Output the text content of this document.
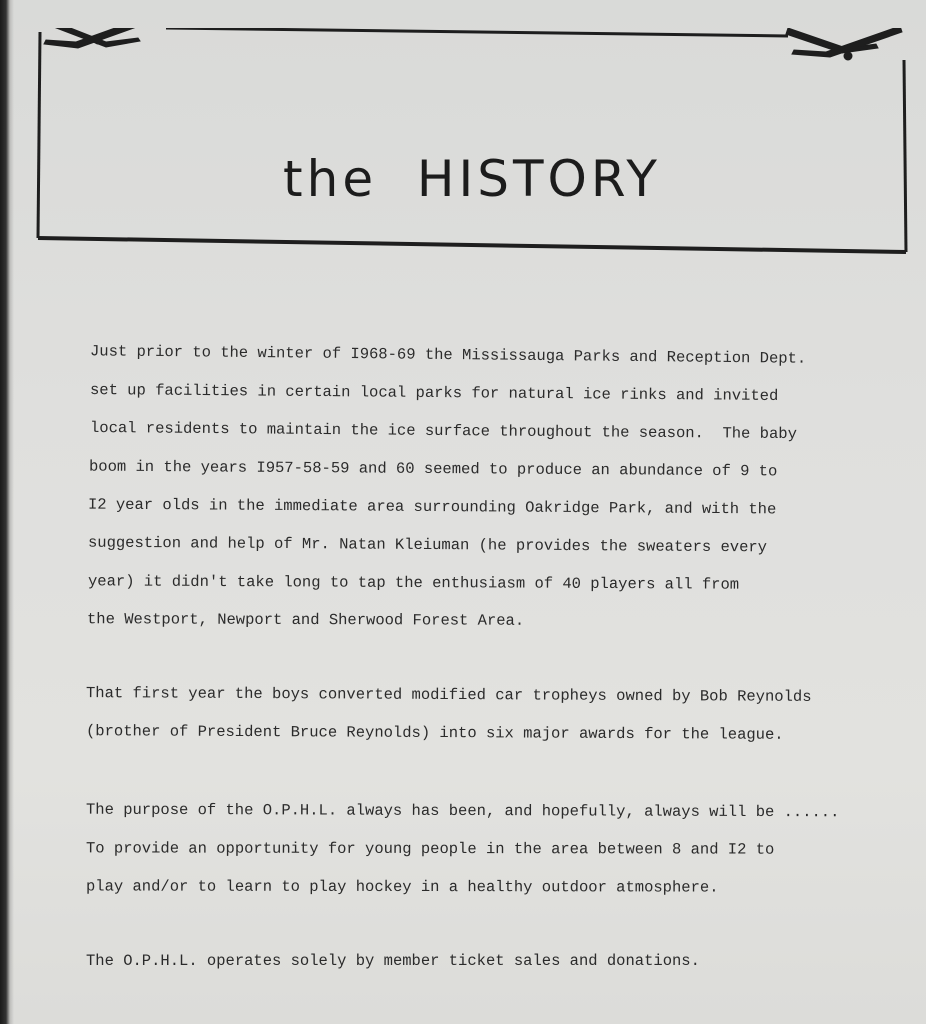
the  HISTORY
Just prior to the winter of I968-69 the Mississauga Parks and Reception Dept.
set up facilities in certain local parks for natural ice rinks and invited
local residents to maintain the ice surface throughout the season.  The baby
boom in the years I957-58-59 and 60 seemed to produce an abundance of 9 to
I2 year olds in the immediate area surrounding Oakridge Park, and with the
suggestion and help of Mr. Natan Kleiuman (he provides the sweaters every
year) it didn't take long to tap the enthusiasm of 40 players all from
the Westport, Newport and Sherwood Forest Area.
That first year the boys converted modified car tropheys owned by Bob Reynolds
(brother of President Bruce Reynolds) into six major awards for the league.
The purpose of the O.P.H.L. always has been, and hopefully, always will be ......
To provide an opportunity for young people in the area between 8 and I2 to
play and/or to learn to play hockey in a healthy outdoor atmosphere.
The O.P.H.L. operates solely by member ticket sales and donations.
